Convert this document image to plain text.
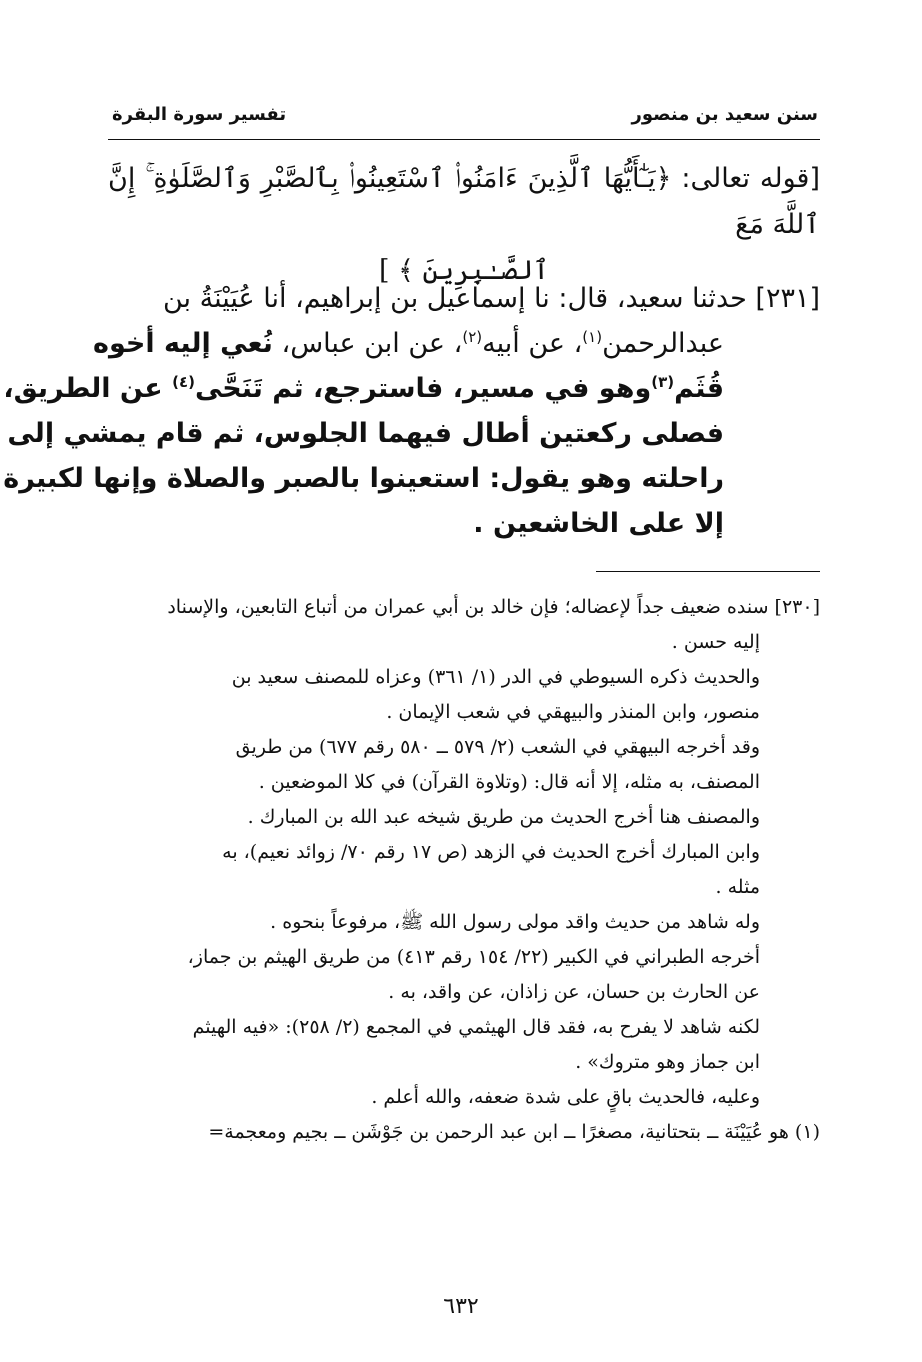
سنن سعيد بن منصور
تفسير سورة البقرة
[قوله تعالى: ﴿يَـٰٓأَيُّهَا ٱلَّذِينَ ءَامَنُوا۟ ٱسْتَعِينُوا۟ بِٱلصَّبْرِ وَٱلصَّلَوٰةِ ۚ إِنَّ ٱللَّهَ مَعَ
ٱلصَّـٰبِرِينَ ﴾ ]
[٢٣١] حدثنا سعيد، قال: نا إسماعيل بن إبراهيم، أنا عُيَيْنَةُ بن
عبدالرحمن$^{(١)}$، عن أبيه$^{(٢)}$، عن ابن عباس، نُعي إليه أخوه
قُثَم$^{(٣)}$وهو في مسير، فاسترجع، ثم تَنَحَّى$^{(٤)}$ عن الطريق،
فصلى ركعتين أطال فيهما الجلوس، ثم قام يمشي إلى
راحلته وهو يقول: استعينوا بالصبر والصلاة وإنها لكبيرة
إلا على الخاشعين .
[٢٣٠] سنده ضعيف جداً لإعضاله؛ فإن خالد بن أبي عمران من أتباع التابعين، والإسناد
إليه حسن .
والحديث ذكره السيوطي في الدر (١/ ٣٦١) وعزاه للمصنف سعيد بن
منصور، وابن المنذر والبيهقي في شعب الإيمان .
وقد أخرجه البيهقي في الشعب (٢/ ٥٧٩ ــ ٥٨٠ رقم ٦٧٧) من طريق
المصنف، به مثله، إلا أنه قال: (وتلاوة القرآن) في كلا الموضعين .
والمصنف هنا أخرج الحديث من طريق شيخه عبد الله بن المبارك .
وابن المبارك أخرج الحديث في الزهد (ص ١٧ رقم ٧٠/ زوائد نعيم)، به
مثله .
وله شاهد من حديث واقد مولى رسول الله ﷺ، مرفوعاً بنحوه .
أخرجه الطبراني في الكبير (٢٢/ ١٥٤ رقم ٤١٣) من طريق الهيثم بن جماز،
عن الحارث بن حسان، عن زاذان، عن واقد، به .
لكنه شاهد لا يفرح به، فقد قال الهيثمي في المجمع (٢/ ٢٥٨): «فيه الهيثم
ابن جماز وهو متروك» .
وعليه، فالحديث باقٍ على شدة ضعفه، والله أعلم .
(١) هو عُيَيْنَة ــ بتحتانية، مصغرًا ــ ابن عبد الرحمن بن جَوْشَن ــ بجيم ومعجمة=
٦٣٢
